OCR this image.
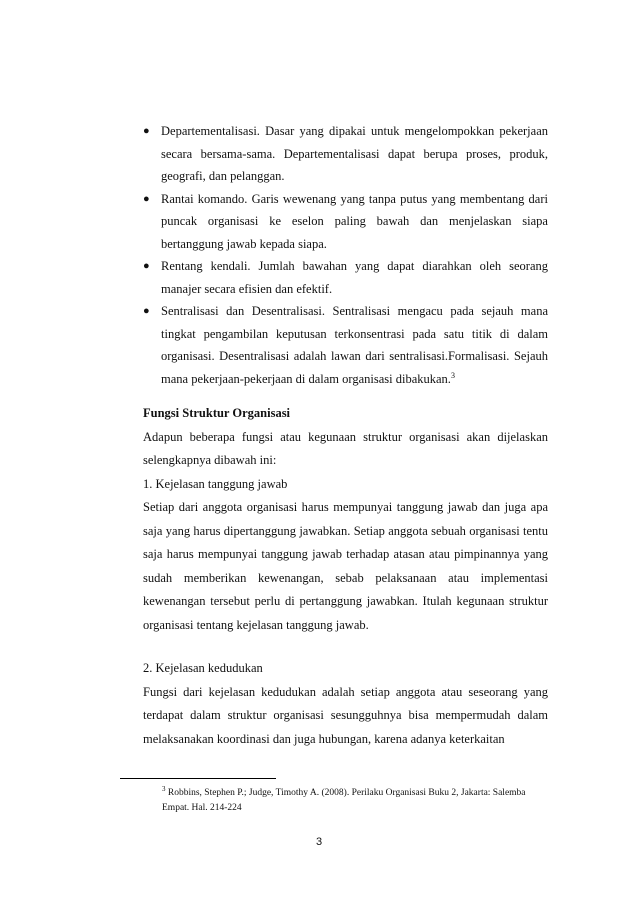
● Departementalisasi. Dasar yang dipakai untuk mengelompokkan pekerjaan secara bersama-sama. Departementalisasi dapat berupa proses, produk, geografi, dan pelanggan.

● Rantai komando. Garis wewenang yang tanpa putus yang membentang dari puncak organisasi ke eselon paling bawah dan menjelaskan siapa bertanggung jawab kepada siapa.

● Rentang kendali. Jumlah bawahan yang dapat diarahkan oleh seorang manajer secara efisien dan efektif.

● Sentralisasi dan Desentralisasi. Sentralisasi mengacu pada sejauh mana tingkat pengambilan keputusan terkonsentrasi pada satu titik di dalam organisasi. Desentralisasi adalah lawan dari sentralisasi.Formalisasi. Sejauh mana pekerjaan-pekerjaan di dalam organisasi dibakukan.$^3$

Fungsi Struktur Organisasi

Adapun beberapa fungsi atau kegunaan struktur organisasi akan dijelaskan selengkapnya dibawah ini:

1. Kejelasan tanggung jawab

Setiap dari anggota organisasi harus mempunyai tanggung jawab dan juga apa saja yang harus dipertanggung jawabkan. Setiap anggota sebuah organisasi tentu saja harus mempunyai tanggung jawab terhadap atasan atau pimpinannya yang sudah memberikan kewenangan, sebab pelaksanaan atau implementasi kewenangan tersebut perlu di pertanggung jawabkan. Itulah kegunaan struktur organisasi tentang kejelasan tanggung jawab.

2. Kejelasan kedudukan

Fungsi dari kejelasan kedudukan adalah setiap anggota atau seseorang yang terdapat dalam struktur organisasi sesungguhnya bisa mempermudah dalam melaksanakan koordinasi dan juga hubungan, karena adanya keterkaitan

$^3$ Robbins, Stephen P.; Judge, Timothy A. (2008). Perilaku Organisasi Buku 2, Jakarta: Salemba Empat. Hal. 214-224
3
